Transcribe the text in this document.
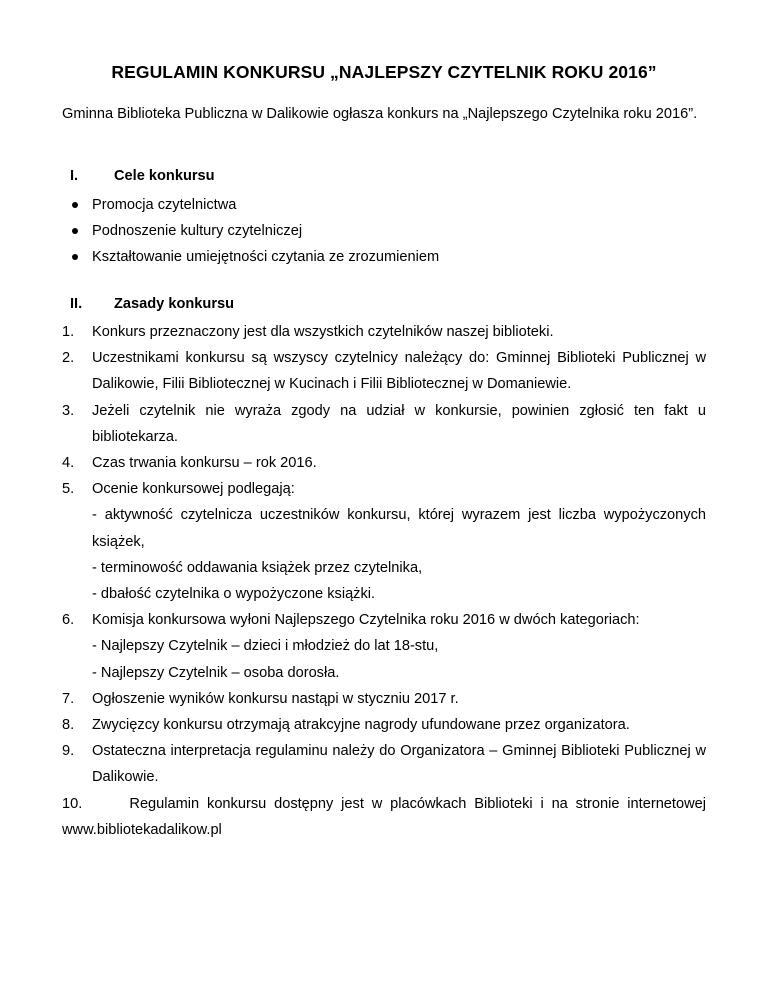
REGULAMIN KONKURSU „NAJLEPSZY CZYTELNIK ROKU 2016”
Gminna Biblioteka Publiczna w Dalikowie ogłasza konkurs na „Najlepszego Czytelnika roku 2016”.
I. Cele konkursu
Promocja czytelnictwa
Podnoszenie kultury czytelniczej
Kształtowanie umiejętności czytania ze zrozumieniem
II. Zasady konkursu
1. Konkurs przeznaczony jest dla wszystkich czytelników naszej biblioteki.
2. Uczestnikami konkursu są wszyscy czytelnicy należący do: Gminnej Biblioteki Publicznej w Dalikowie, Filii Bibliotecznej w Kucinach i Filii Bibliotecznej w Domaniewie.
3. Jeżeli czytelnik nie wyraża zgody na udział w konkursie, powinien zgłosić ten fakt u bibliotekarza.
4. Czas trwania konkursu – rok 2016.
5. Ocenie konkursowej podlegają:
- aktywność czytelnicza uczestników konkursu, której wyrazem jest liczba wypożyczonych książek,
- terminowość oddawania książek przez czytelnika,
- dbałość czytelnika o wypożyczone książki.
6. Komisja konkursowa wyłoni Najlepszego Czytelnika roku 2016 w dwóch kategoriach:
- Najlepszy Czytelnik – dzieci i młodzież do lat 18-stu,
- Najlepszy Czytelnik – osoba dorosła.
7. Ogłoszenie wyników konkursu nastąpi w styczniu 2017 r.
8. Zwycięzcy konkursu otrzymają atrakcyjne nagrody ufundowane przez organizatora.
9. Ostateczna interpretacja regulaminu należy do Organizatora – Gminnej Biblioteki Publicznej w Dalikowie.
10.	Regulamin konkursu dostępny jest w placówkach Biblioteki i na stronie internetowej www.bibliotekadalikow.pl
